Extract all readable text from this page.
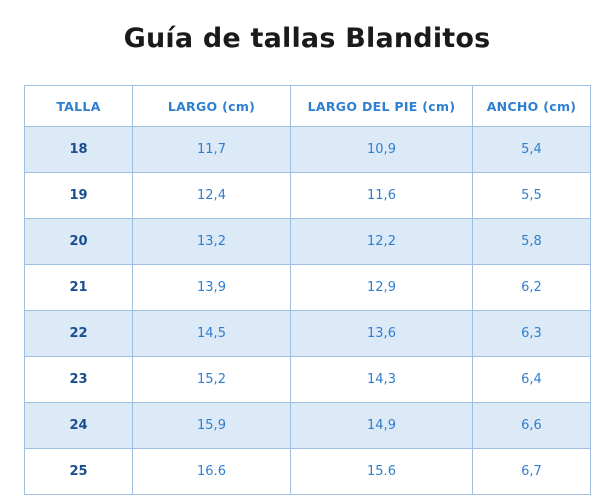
Guía de tallas Blanditos
TALLA	LARGO (cm)	LARGO DEL PIE (cm)	ANCHO (cm)
18	11,7	10,9	5,4
19	12,4	11,6	5,5
20	13,2	12,2	5,8
21	13,9	12,9	6,2
22	14,5	13,6	6,3
23	15,2	14,3	6,4
24	15,9	14,9	6,6
25	16.6	15.6	6,7
